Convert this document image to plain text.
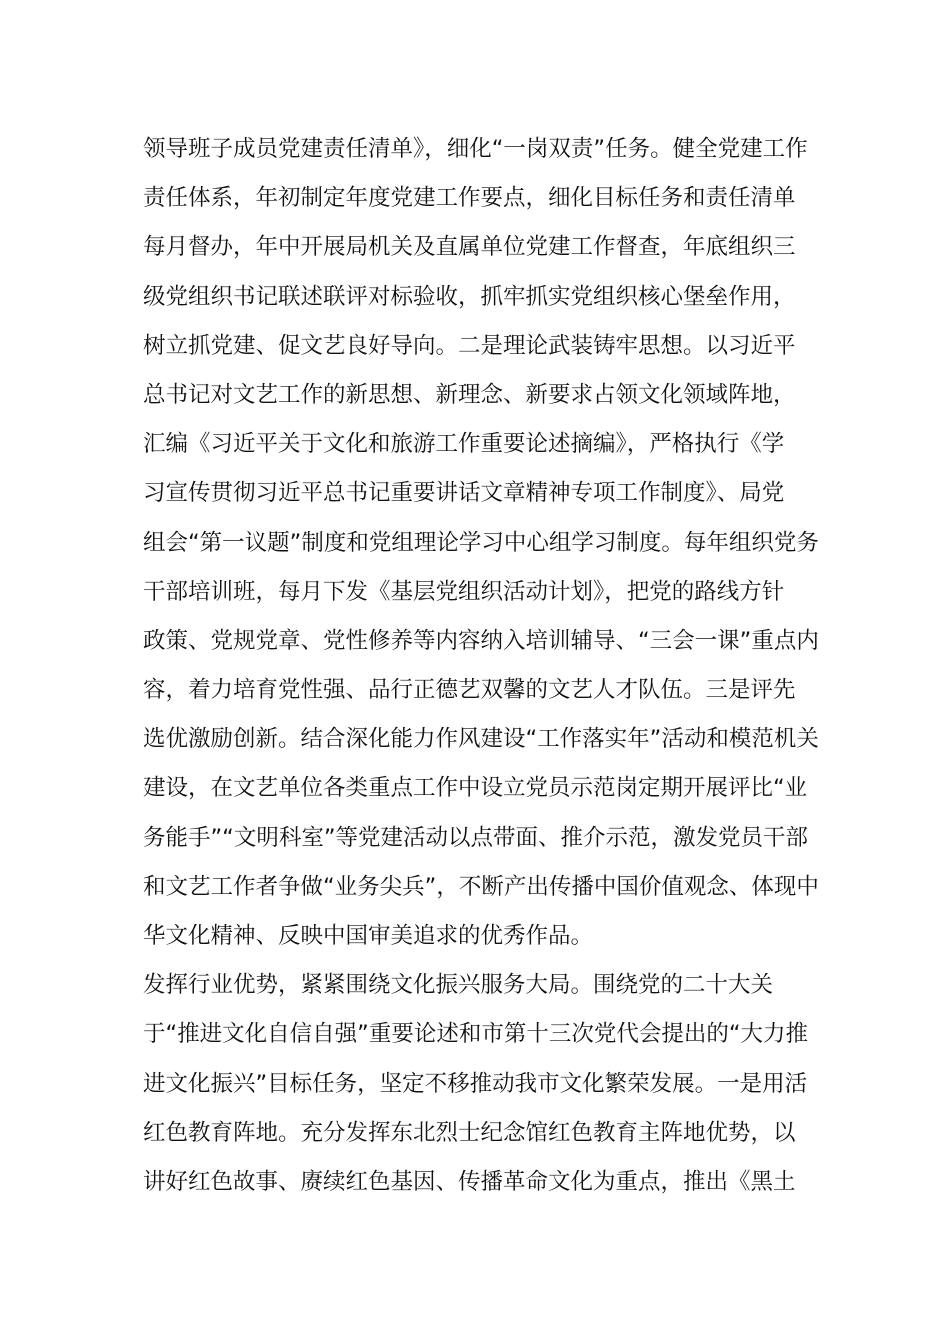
领导班子成员党建责任清单》，细化“一岗双责”任务。健全党建工作
责任体系，年初制定年度党建工作要点，细化目标任务和责任清单
每月督办，年中开展局机关及直属单位党建工作督查，年底组织三
级党组织书记联述联评对标验收，抓牢抓实党组织核心堡垒作用，
树立抓党建、促文艺良好导向。二是理论武装铸牢思想。以习近平
总书记对文艺工作的新思想、新理念、新要求占领文化领域阵地，
汇编《习近平关于文化和旅游工作重要论述摘编》，严格执行《学
习宣传贯彻习近平总书记重要讲话文章精神专项工作制度》、局党
组会“第一议题”制度和党组理论学习中心组学习制度。每年组织党务
干部培训班，每月下发《基层党组织活动计划》，把党的路线方针
政策、党规党章、党性修养等内容纳入培训辅导、“三会一课”重点内
容，着力培育党性强、品行正德艺双馨的文艺人才队伍。三是评先
选优激励创新。结合深化能力作风建设“工作落实年”活动和模范机关
建设，在文艺单位各类重点工作中设立党员示范岗定期开展评比“业
务能手”“文明科室”等党建活动以点带面、推介示范，激发党员干部
和文艺工作者争做“业务尖兵”，不断产出传播中国价值观念、体现中
华文化精神、反映中国审美追求的优秀作品。
发挥行业优势，紧紧围绕文化振兴服务大局。围绕党的二十大关
于“推进文化自信自强”重要论述和市第十三次党代会提出的“大力推
进文化振兴”目标任务，坚定不移推动我市文化繁荣发展。一是用活
红色教育阵地。充分发挥东北烈士纪念馆红色教育主阵地优势，以
讲好红色故事、赓续红色基因、传播革命文化为重点，推出《黑土
